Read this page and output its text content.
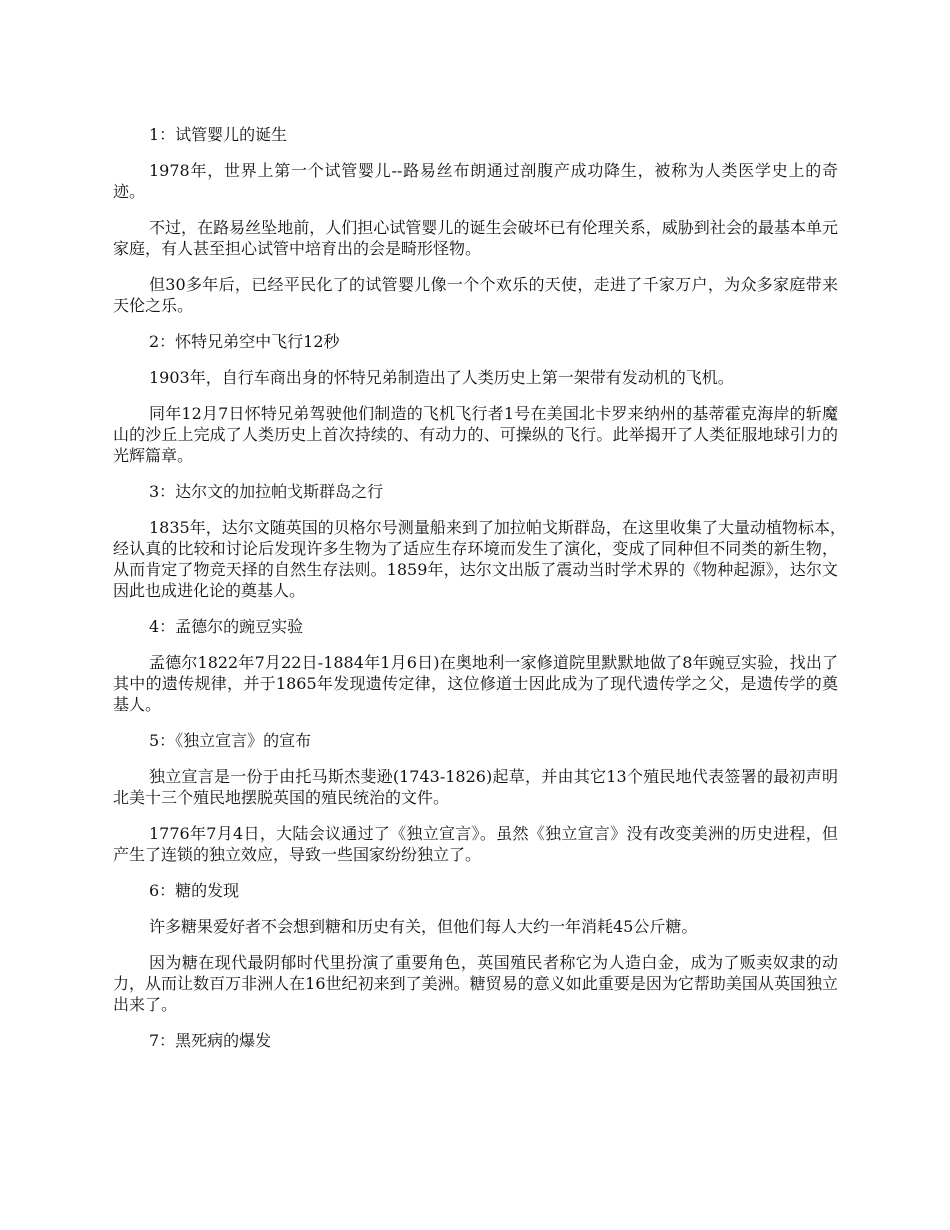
1：试管婴儿的诞生

1978年，世界上第一个试管婴儿--路易丝布朗通过剖腹产成功降生，被称为人类医学史上的奇迹。

不过，在路易丝坠地前，人们担心试管婴儿的诞生会破坏已有伦理关系，威胁到社会的最基本单元家庭，有人甚至担心试管中培育出的会是畸形怪物。

但30多年后，已经平民化了的试管婴儿像一个个欢乐的天使，走进了千家万户，为众多家庭带来天伦之乐。

2：怀特兄弟空中飞行12秒

1903年，自行车商出身的怀特兄弟制造出了人类历史上第一架带有发动机的飞机。

同年12月7日怀特兄弟驾驶他们制造的飞机飞行者1号在美国北卡罗来纳州的基蒂霍克海岸的斩魔山的沙丘上完成了人类历史上首次持续的、有动力的、可操纵的飞行。此举揭开了人类征服地球引力的光辉篇章。

3：达尔文的加拉帕戈斯群岛之行

1835年，达尔文随英国的贝格尔号测量船来到了加拉帕戈斯群岛，在这里收集了大量动植物标本，　　经认真的比较和讨论后发现许多生物为了适应生存环境而发生了演化，变成了同种但不同类的新生物，从而肯定了物竞天择的自然生存法则。1859年，达尔文出版了震动当时学术界的《物种起源》，达尔文因此也成进化论的奠基人。

4：孟德尔的豌豆实验

孟德尔1822年7月22日-1884年1月6日)在奥地利一家修道院里默默地做了8年豌豆实验，找出了其中的遗传规律，并于1865年发现遗传定律，这位修道士因此成为了现代遗传学之父，是遗传学的奠基人。

5：《独立宣言》的宣布

独立宣言是一份于由托马斯杰斐逊(1743-1826)起草，并由其它13个殖民地代表签署的最初声明北美十三个殖民地摆脱英国的殖民统治的文件。

1776年7月4日，大陆会议通过了《独立宣言》。虽然《独立宣言》没有改变美洲的历史进程，但产生了连锁的独立效应，导致一些国家纷纷独立了。

6：糖的发现

许多糖果爱好者不会想到糖和历史有关，但他们每人大约一年消耗45公斤糖。

因为糖在现代最阴郁时代里扮演了重要角色，英国殖民者称它为人造白金，成为了贩卖奴隶的动力，从而让数百万非洲人在16世纪初来到了美洲。糖贸易的意义如此重要是因为它帮助美国从英国独立出来了。

7：黑死病的爆发
